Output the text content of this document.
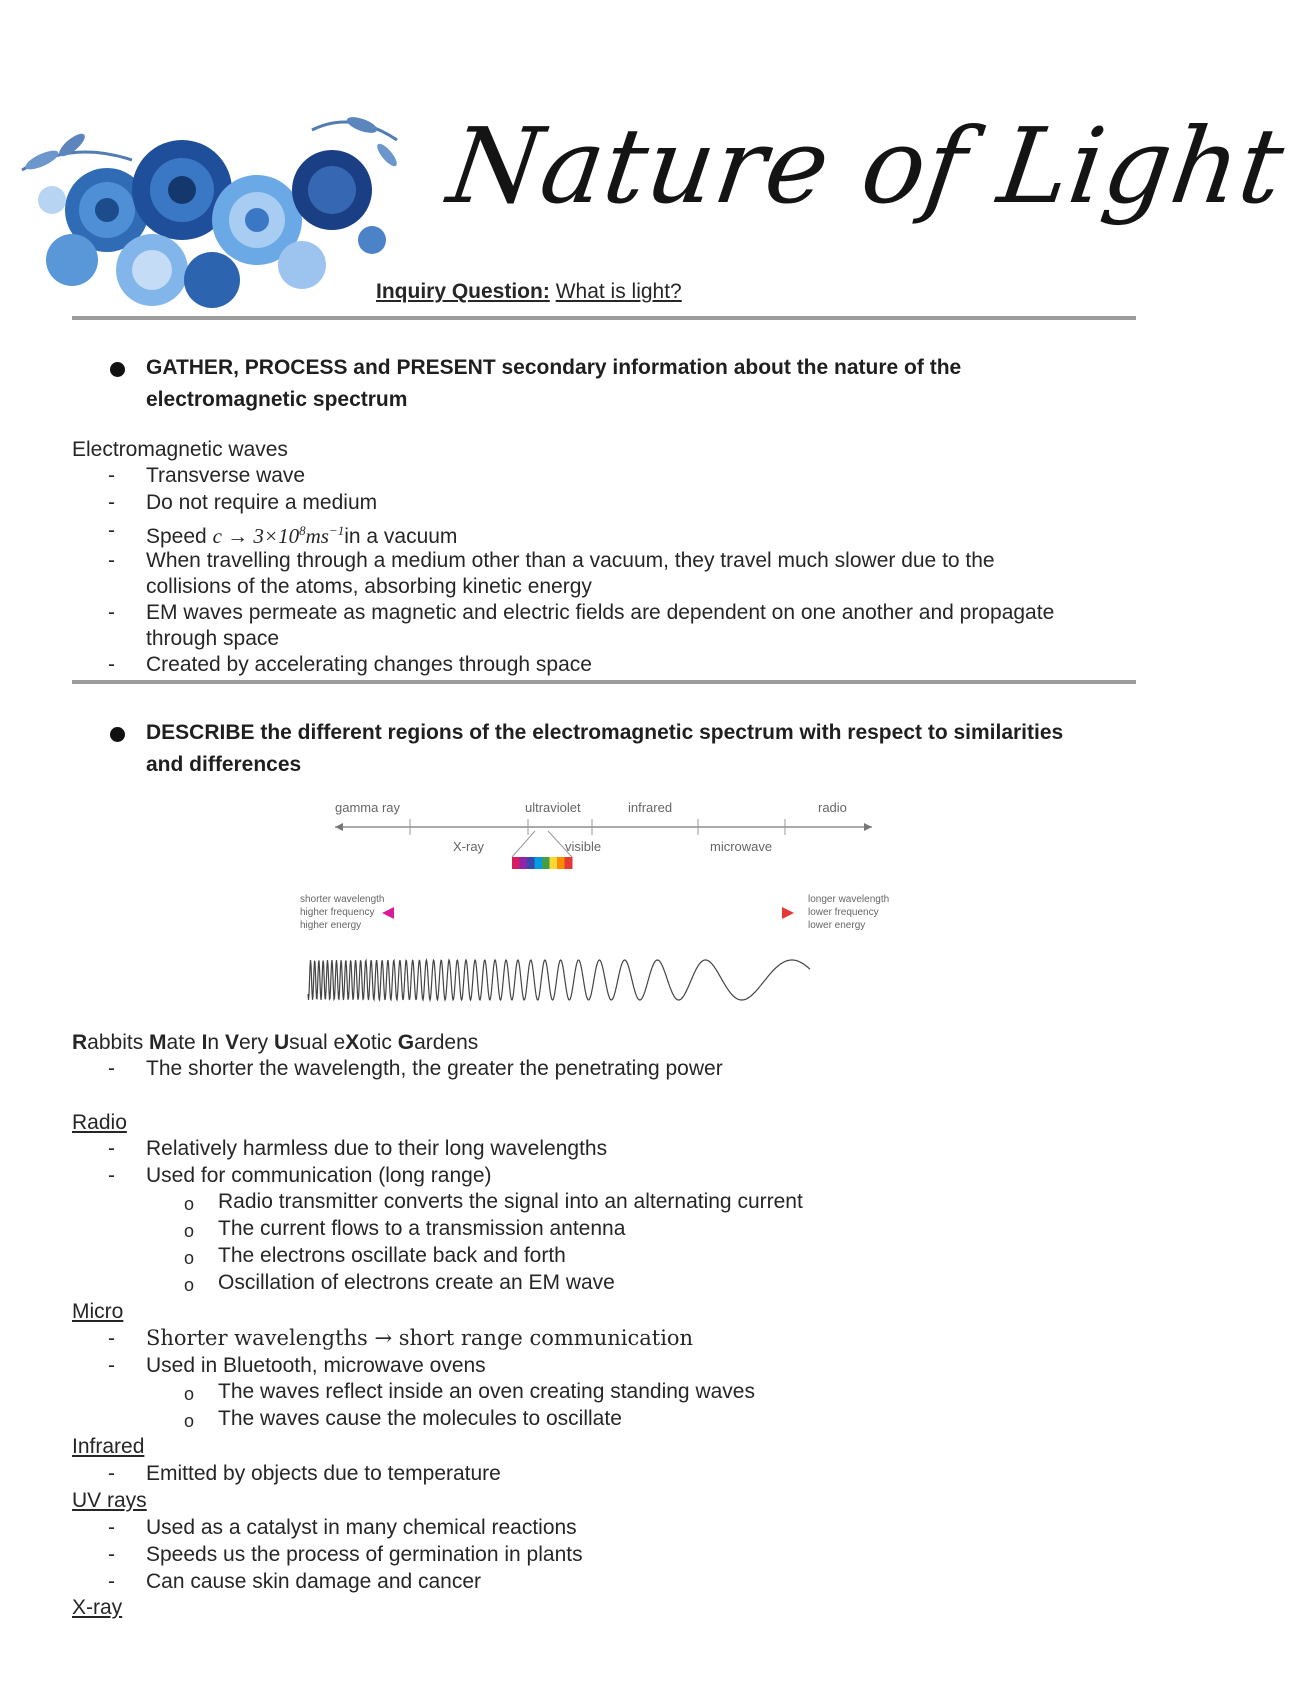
Nature of Light
Inquiry Question: What is light?
GATHER, PROCESS and PRESENT secondary information about the nature of the
electromagnetic spectrum
Electromagnetic waves
- Transverse wave
- Do not require a medium
- Speed $c \to 3\times 10^8ms^{-1}in$ a vacuum
- When travelling through a medium other than a vacuum, they travel much slower due to the
collisions of the atoms, absorbing kinetic energy
- EM waves permeate as magnetic and electric fields are dependent on one another and propagate
through space
- Created by accelerating changes through space
DESCRIBE the different regions of the electromagnetic spectrum with respect to similarities
and differences
gamma ray	ultraviolet	infrared	radio
X-ray	visible	microwave
shorter wavelength
higher frequency
higher energy
longer wavelength
lower frequency
lower energy
Rabbits Mate In Very Usual eXotic Gardens
- The shorter the wavelength, the greater the penetrating power
Radio
- Relatively harmless due to their long wavelengths
- Used for communication (long range)
o Radio transmitter converts the signal into an alternating current
o The current flows to a transmission antenna
o The electrons oscillate back and forth
o Oscillation of electrons create an EM wave
Micro
- Shorter wavelengths → short range communication
- Used in Bluetooth, microwave ovens
o The waves reflect inside an oven creating standing waves
o The waves cause the molecules to oscillate
Infrared
- Emitted by objects due to temperature
UV rays
- Used as a catalyst in many chemical reactions
- Speeds us the process of germination in plants
- Can cause skin damage and cancer
X-ray
